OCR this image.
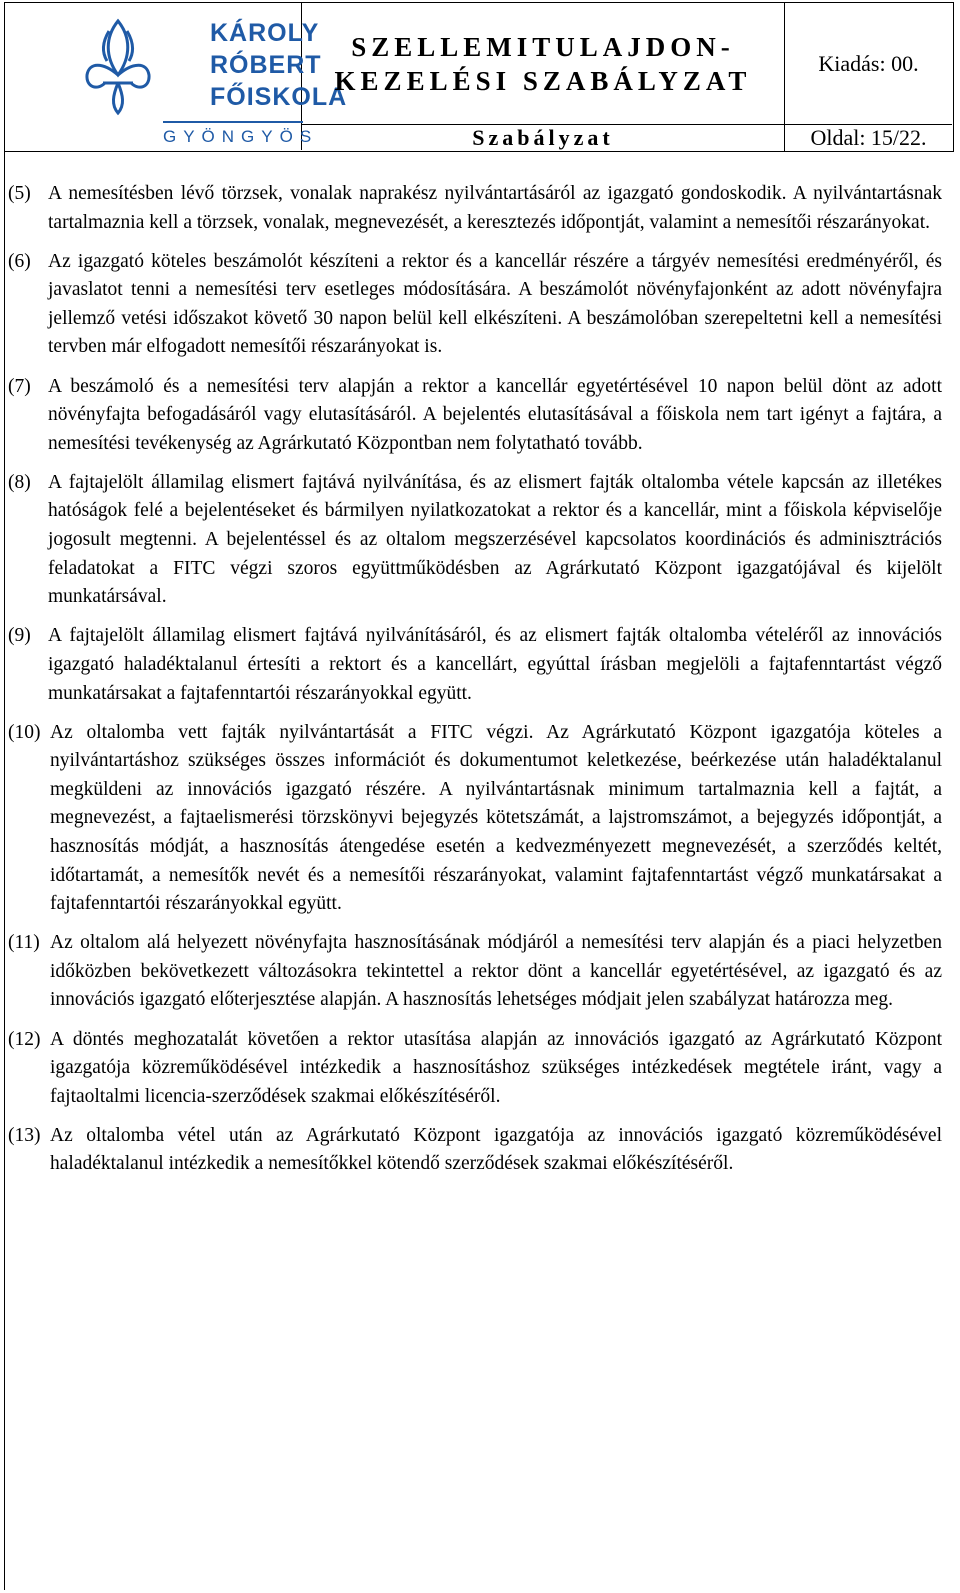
KÁROLY
RÓBERT
FŐISKOLA
GYÖNGYÖS
SZELLEMITULAJDON-
KEZELÉSI SZABÁLYZAT
Kiadás: 00.
Szabályzat	Oldal: 15/22.
(5) A nemesítésben lévő törzsek, vonalak naprakész nyilvántartásáról az igazgató gondoskodik. A nyilvántartásnak tartalmaznia kell a törzsek, vonalak, megnevezését, a keresztezés időpontját, valamint a nemesítői részarányokat.
(6) Az igazgató köteles beszámolót készíteni a rektor és a kancellár részére a tárgyév nemesítési eredményéről, és javaslatot tenni a nemesítési terv esetleges módosítására. A beszámolót növényfajonként az adott növényfajra jellemző vetési időszakot követő 30 napon belül kell elkészíteni. A beszámolóban szerepeltetni kell a nemesítési tervben már elfogadott nemesítői részarányokat is.
(7) A beszámoló és a nemesítési terv alapján a rektor a kancellár egyetértésével 10 napon belül dönt az adott növényfajta befogadásáról vagy elutasításáról. A bejelentés elutasításával a főiskola nem tart igényt a fajtára, a nemesítési tevékenység az Agrárkutató Központban nem folytatható tovább.
(8) A fajtajelölt államilag elismert fajtává nyilvánítása, és az elismert fajták oltalomba vétele kapcsán az illetékes hatóságok felé a bejelentéseket és bármilyen nyilatkozatokat a rektor és a kancellár, mint a főiskola képviselője jogosult megtenni. A bejelentéssel és az oltalom megszerzésével kapcsolatos koordinációs és adminisztrációs feladatokat a FITC végzi szoros együttműködésben az Agrárkutató Központ igazgatójával és kijelölt munkatársával.
(9) A fajtajelölt államilag elismert fajtává nyilvánításáról, és az elismert fajták oltalomba vételéről az innovációs igazgató haladéktalanul értesíti a rektort és a kancellárt, egyúttal írásban megjelöli a fajtafenntartást végző munkatársakat a fajtafenntartói részarányokkal együtt.
(10) Az oltalomba vett fajták nyilvántartását a FITC végzi. Az Agrárkutató Központ igazgatója köteles a nyilvántartáshoz szükséges összes információt és dokumentumot keletkezése, beérkezése után haladéktalanul megküldeni az innovációs igazgató részére. A nyilvántartásnak minimum tartalmaznia kell a fajtát, a megnevezést, a fajtaelismerési törzskönyvi bejegyzés kötetszámát, a lajstromszámot, a bejegyzés időpontját, a hasznosítás módját, a hasznosítás átengedése esetén a kedvezményezett megnevezését, a szerződés keltét, időtartamát, a nemesítők nevét és a nemesítői részarányokat, valamint fajtafenntartást végző munkatársakat a fajtafenntartói részarányokkal együtt.
(11) Az oltalom alá helyezett növényfajta hasznosításának módjáról a nemesítési terv alapján és a piaci helyzetben időközben bekövetkezett változásokra tekintettel a rektor dönt a kancellár egyetértésével, az igazgató és az innovációs igazgató előterjesztése alapján. A hasznosítás lehetséges módjait jelen szabályzat határozza meg.
(12) A döntés meghozatalát követően a rektor utasítása alapján az innovációs igazgató az Agrárkutató Központ igazgatója közreműködésével intézkedik a hasznosításhoz szükséges intézkedések megtétele iránt, vagy a fajtaoltalmi licencia-szerződések szakmai előkészítéséről.
(13) Az oltalomba vétel után az Agrárkutató Központ igazgatója az innovációs igazgató közreműködésével haladéktalanul intézkedik a nemesítőkkel kötendő szerződések szakmai előkészítéséről.
